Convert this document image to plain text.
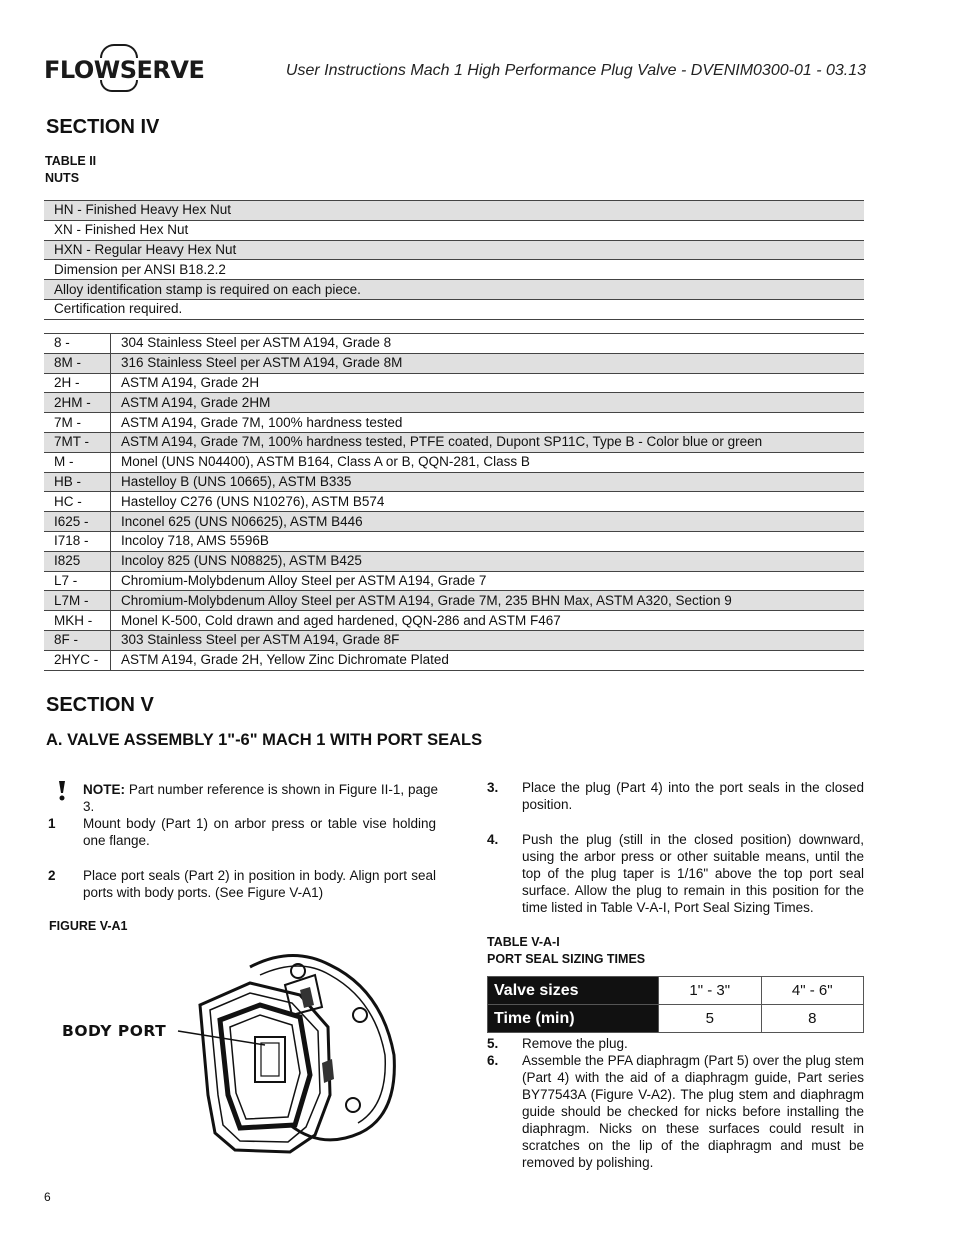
FLOWSERVE	User Instructions Mach 1 High Performance Plug Valve - DVENIM0300-01 - 03.13
SECTION IV
TABLE II
NUTS
HN - Finished Heavy Hex Nut
XN - Finished Hex Nut
HXN - Regular Heavy Hex Nut
Dimension per ANSI B18.2.2
Alloy identification stamp is required on each piece.
Certification required.
8 -	304 Stainless Steel per ASTM A194, Grade 8
8M -	316 Stainless Steel per ASTM A194, Grade 8M
2H -	ASTM A194, Grade 2H
2HM -	ASTM A194, Grade 2HM
7M -	ASTM A194, Grade 7M, 100% hardness tested
7MT -	ASTM A194, Grade 7M, 100% hardness tested, PTFE coated, Dupont SP11C, Type B - Color blue or green
M -	Monel (UNS N04400), ASTM B164, Class A or B, QQN-281, Class B
HB -	Hastelloy B (UNS 10665), ASTM B335
HC -	Hastelloy C276 (UNS N10276), ASTM B574
I625 -	Inconel 625 (UNS N06625), ASTM B446
I718 -	Incoloy 718, AMS 5596B
I825	Incoloy 825 (UNS N08825), ASTM B425
L7 -	Chromium-Molybdenum Alloy Steel per ASTM A194, Grade 7
L7M -	Chromium-Molybdenum Alloy Steel per ASTM A194, Grade 7M, 235 BHN Max, ASTM A320, Section 9
MKH -	Monel K-500, Cold drawn and aged hardened, QQN-286 and ASTM F467
8F -	303 Stainless Steel per ASTM A194, Grade 8F
2HYC -	ASTM A194, Grade 2H, Yellow Zinc Dichromate Plated
SECTION V
A. VALVE ASSEMBLY 1"-6" MACH 1 WITH PORT SEALS
NOTE: Part number reference is shown in Figure II-1, page 3.
1 Mount body (Part 1) on arbor press or table vise holding one flange.
2 Place port seals (Part 2) in position in body. Align port seal ports with body ports. (See Figure V-A1)
FIGURE V-A1
BODY PORT
3. Place the plug (Part 4) into the port seals in the closed position.
4. Push the plug (still in the closed position) downward, using the arbor press or other suitable means, until the top of the plug taper is 1/16" above the top port seal surface. Allow the plug to remain in this position for the time listed in Table V-A-I, Port Seal Sizing Times.
TABLE V-A-I
PORT SEAL SIZING TIMES
Valve sizes	1" - 3"	4" - 6"
Time (min)	5	8
5. Remove the plug.
6. Assemble the PFA diaphragm (Part 5) over the plug stem (Part 4) with the aid of a diaphragm guide, Part series BY77543A (Figure V-A2). The plug stem and diaphragm guide should be checked for nicks before installing the diaphragm. Nicks on these surfaces could result in scratches on the lip of the diaphragm and must be removed by polishing.
6
